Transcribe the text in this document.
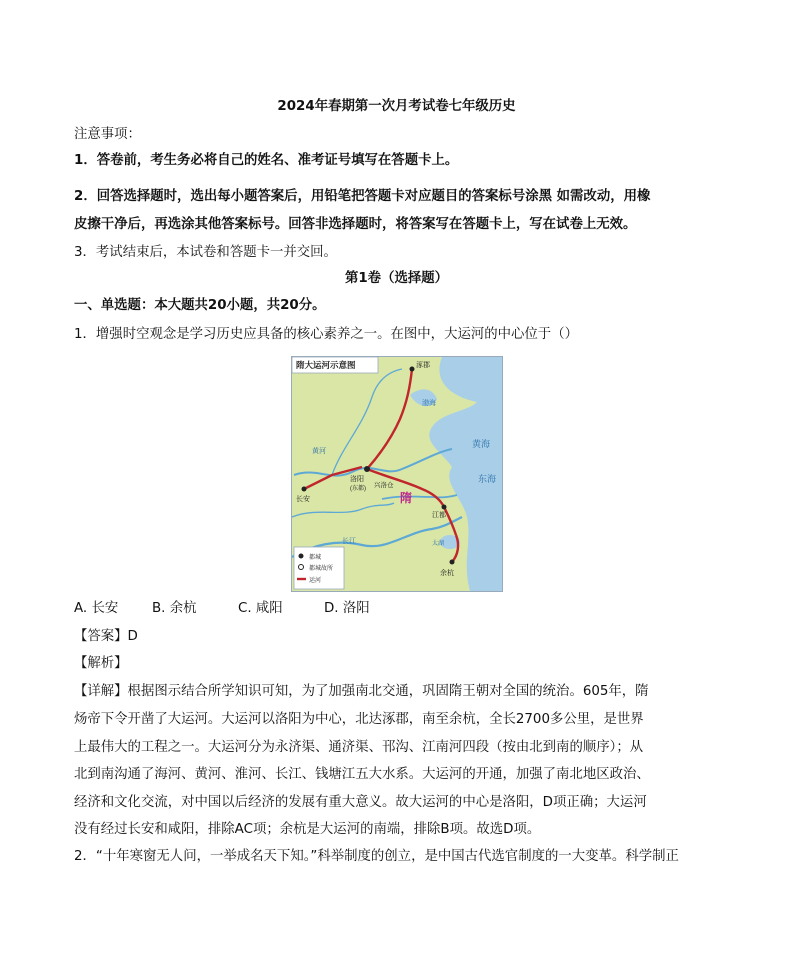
2024年春期第一次月考试卷七年级历史
注意事项：
1．答卷前，考生务必将自己的姓名、准考证号填写在答题卡上。
2．回答选择题时，选出每小题答案后，用铅笔把答题卡对应题目的答案标号涂黑 如需改动，用橡
皮擦干净后，再选涂其他答案标号。回答非选择题时，将答案写在答题卡上，写在试卷上无效。
3．考试结束后，本试卷和答题卡一并交回。
第1卷（选择题）
一、单选题：本大题共20小题，共20分。
1．增强时空观念是学习历史应具备的核心素养之一。在图中，大运河的中心位于（）
隋大运河示意图	涿郡
长安
洛阳
(东都) 兴洛仓
江都
余杭
隋
太湖
都城
都城故所
运河
黄海
东海
渤海
黄河
长江
A. 长安	B. 余杭	C. 咸阳	D. 洛阳
【答案】D
【解析】
【详解】根据图示结合所学知识可知，为了加强南北交通，巩固隋王朝对全国的统治。605年，隋
炀帝下令开凿了大运河。大运河以洛阳为中心，北达涿郡，南至余杭，全长2700多公里，是世界
上最伟大的工程之一。大运河分为永济渠、通济渠、邗沟、江南河四段（按由北到南的顺序）；从
北到南沟通了海河、黄河、淮河、长江、钱塘江五大水系。大运河的开通，加强了南北地区政治、
经济和文化交流，对中国以后经济的发展有重大意义。故大运河的中心是洛阳，D项正确；大运河
没有经过长安和咸阳，排除AC项；余杭是大运河的南端，排除B项。故选D项。
2．“十年寒窗无人问，一举成名天下知。”科举制度的创立，是中国古代选官制度的一大变革。科学制正
